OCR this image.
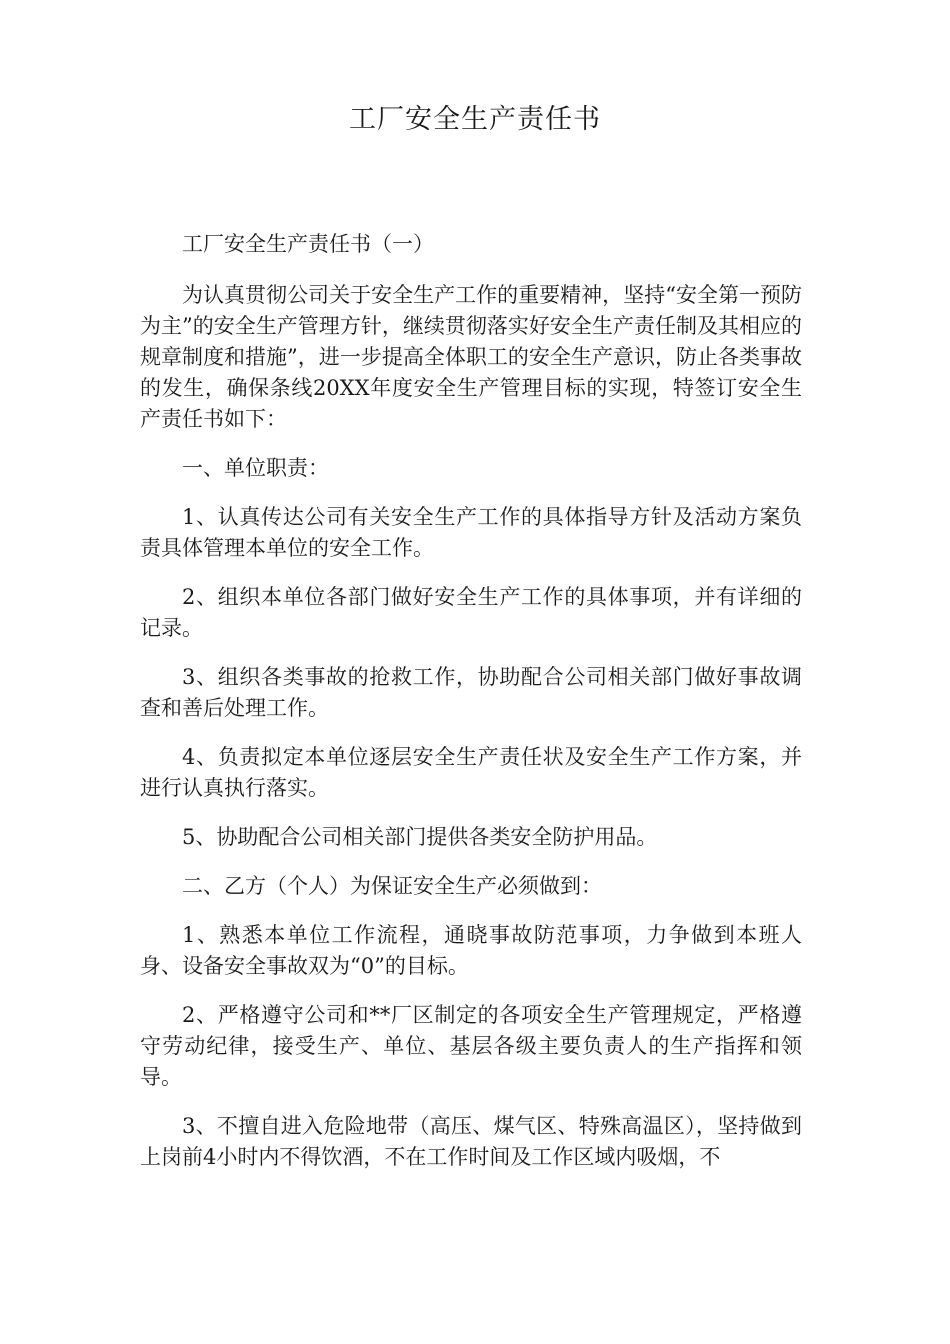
工厂安全生产责任书

工厂安全生产责任书（一）

为认真贯彻公司关于安全生产工作的重要精神，坚持“安全第一预防为主”的安全生产管理方针，继续贯彻落实好安全生产责任制及其相应的规章制度和措施”，进一步提高全体职工的安全生产意识，防止各类事故的发生，确保条线20XX年度安全生产管理目标的实现，特签订安全生产责任书如下：

一、单位职责：

1、认真传达公司有关安全生产工作的具体指导方针及活动方案负责具体管理本单位的安全工作。

2、组织本单位各部门做好安全生产工作的具体事项，并有详细的记录。

3、组织各类事故的抢救工作，协助配合公司相关部门做好事故调查和善后处理工作。

4、负责拟定本单位逐层安全生产责任状及安全生产工作方案，并进行认真执行落实。

5、协助配合公司相关部门提供各类安全防护用品。

二、乙方（个人）为保证安全生产必须做到：

1、熟悉本单位工作流程，通晓事故防范事项，力争做到本班人身、设备安全事故双为“0”的目标。

2、严格遵守公司和**厂区制定的各项安全生产管理规定，严格遵守劳动纪律，接受生产、单位、基层各级主要负责人的生产指挥和领导。

3、不擅自进入危险地带（高压、煤气区、特殊高温区），坚持做到上岗前4小时内不得饮酒，不在工作时间及工作区域内吸烟，不
